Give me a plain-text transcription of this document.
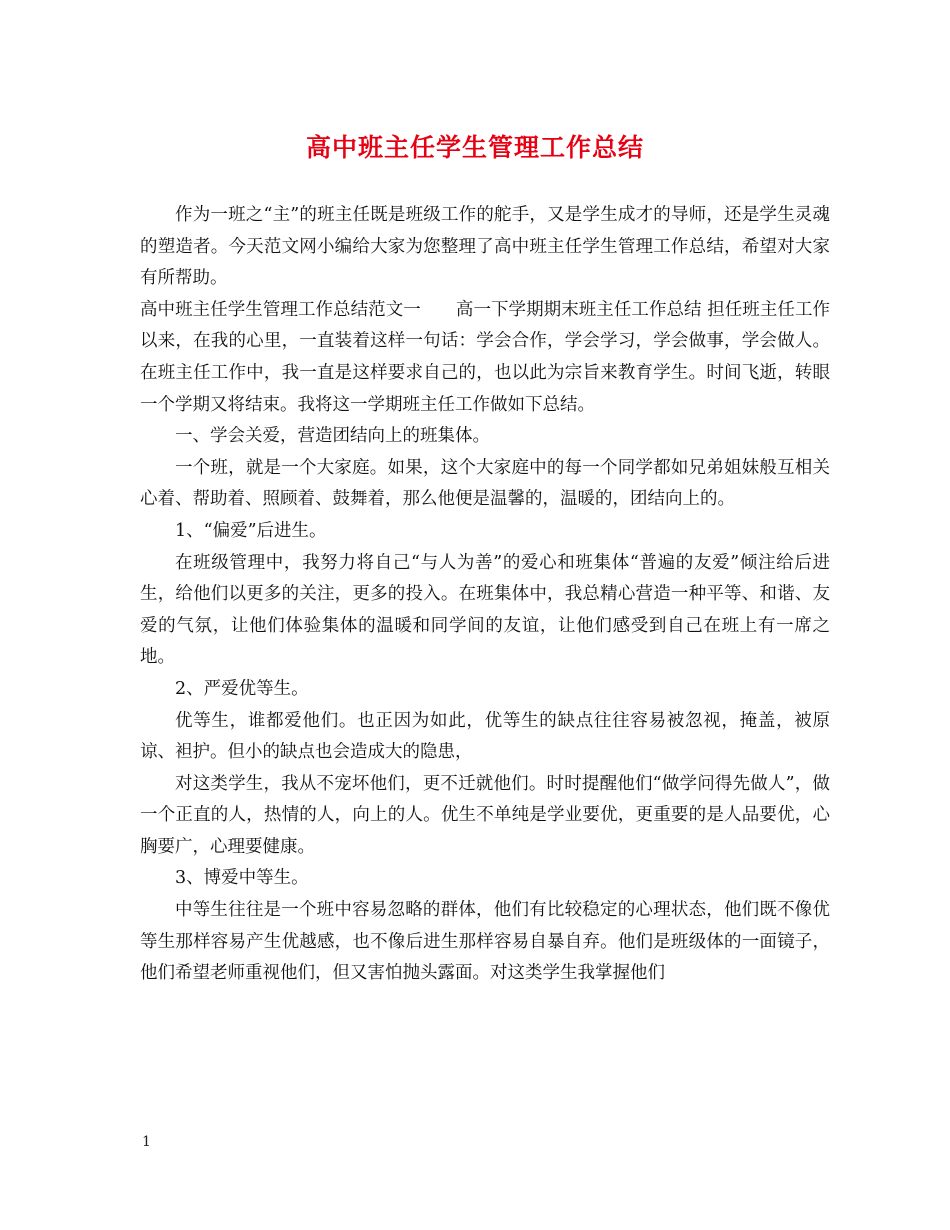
高中班主任学生管理工作总结

作为一班之“主”的班主任既是班级工作的舵手，又是学生成才的导师，还是学生灵魂的塑造者。今天范文网小编给大家为您整理了高中班主任学生管理工作总结，希望对大家有所帮助。

高中班主任学生管理工作总结范文一　　高一下学期期末班主任工作总结 担任班主任工作以来，在我的心里，一直装着这样一句话：学会合作，学会学习，学会做事，学会做人。在班主任工作中，我一直是这样要求自己的，也以此为宗旨来教育学生。时间飞逝，转眼一个学期又将结束。我将这一学期班主任工作做如下总结。

一、学会关爱，营造团结向上的班集体。

一个班，就是一个大家庭。如果，这个大家庭中的每一个同学都如兄弟姐妹般互相关心着、帮助着、照顾着、鼓舞着，那么他便是温馨的，温暖的，团结向上的。

1、“偏爱”后进生。

在班级管理中，我努力将自己“与人为善”的爱心和班集体“普遍的友爱”倾注给后进生，给他们以更多的关注，更多的投入。在班集体中，我总精心营造一种平等、和谐、友爱的气氛，让他们体验集体的温暖和同学间的友谊，让他们感受到自己在班上有一席之地。

2、严爱优等生。

优等生，谁都爱他们。也正因为如此，优等生的缺点往往容易被忽视，掩盖，被原谅、袒护。但小的缺点也会造成大的隐患，

对这类学生，我从不宠坏他们，更不迁就他们。时时提醒他们“做学问得先做人”，做一个正直的人，热情的人，向上的人。优生不单纯是学业要优，更重要的是人品要优，心胸要广，心理要健康。

3、博爱中等生。

中等生往往是一个班中容易忽略的群体，他们有比较稳定的心理状态，他们既不像优等生那样容易产生优越感，也不像后进生那样容易自暴自弃。他们是班级体的一面镜子，他们希望老师重视他们，但又害怕抛头露面。对这类学生我掌握他们

1
